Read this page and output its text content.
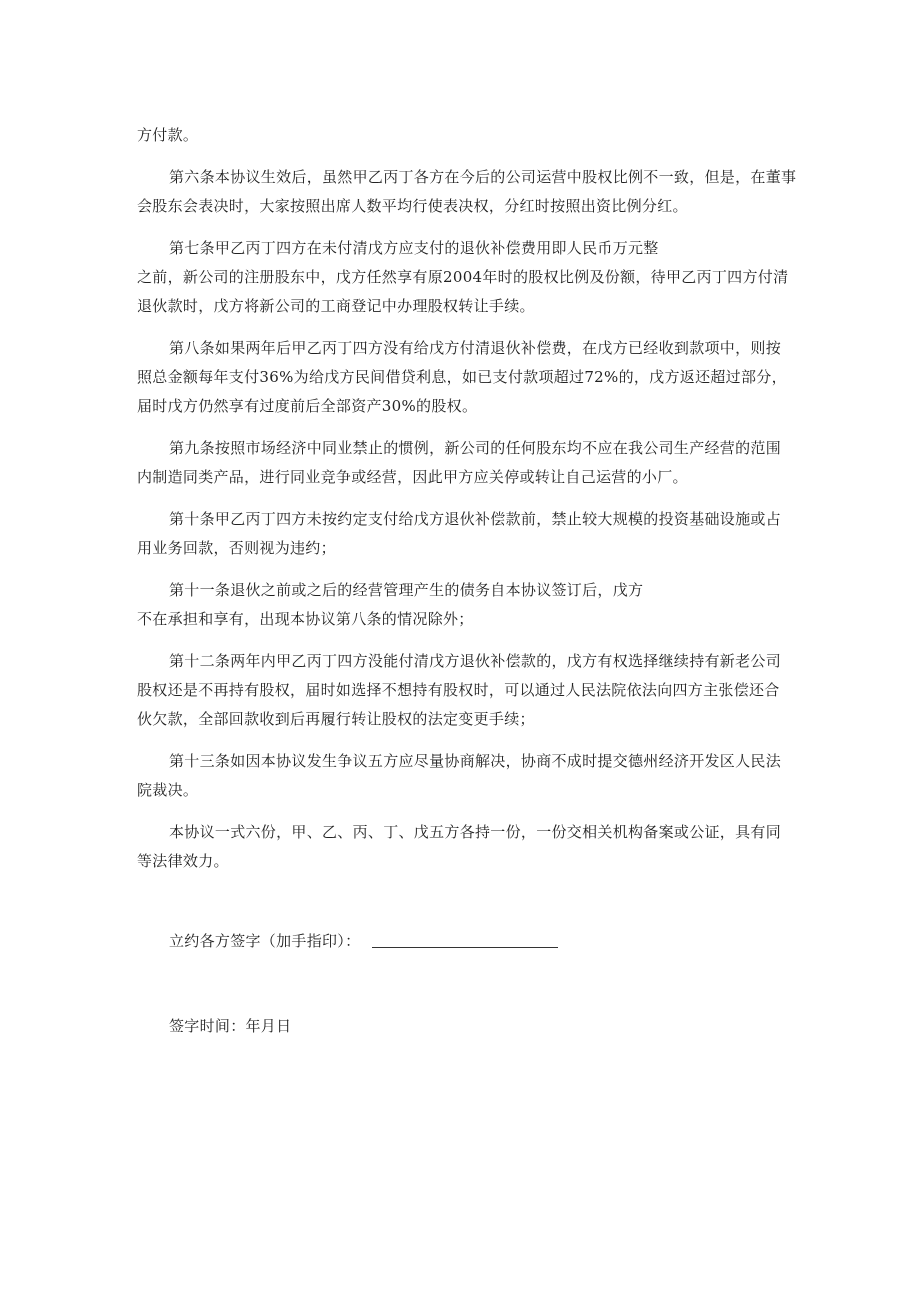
方付款。
第六条本协议生效后，虽然甲乙丙丁各方在今后的公司运营中股权比例不一致，但是，在董事
会股东会表决时，大家按照出席人数平均行使表决权，分红时按照出资比例分红。
第七条甲乙丙丁四方在未付清戊方应支付的退伙补偿费用即人民币万元整
之前，新公司的注册股东中，戊方任然享有原2004年时的股权比例及份额，待甲乙丙丁四方付清
退伙款时，戊方将新公司的工商登记中办理股权转让手续。
第八条如果两年后甲乙丙丁四方没有给戊方付清退伙补偿费，在戊方已经收到款项中，则按
照总金额每年支付36%为给戊方民间借贷利息，如已支付款项超过72%的，戊方返还超过部分，
届时戊方仍然享有过度前后全部资产30%的股权。
第九条按照市场经济中同业禁止的惯例，新公司的任何股东均不应在我公司生产经营的范围
内制造同类产品，进行同业竞争或经营，因此甲方应关停或转让自己运营的小厂。
第十条甲乙丙丁四方未按约定支付给戊方退伙补偿款前，禁止较大规模的投资基础设施或占
用业务回款，否则视为违约；
第十一条退伙之前或之后的经营管理产生的债务自本协议签订后，戊方
不在承担和享有，出现本协议第八条的情况除外；
第十二条两年内甲乙丙丁四方没能付清戊方退伙补偿款的，戊方有权选择继续持有新老公司
股权还是不再持有股权，届时如选择不想持有股权时，可以通过人民法院依法向四方主张偿还合
伙欠款，全部回款收到后再履行转让股权的法定变更手续；
第十三条如因本协议发生争议五方应尽量协商解决，协商不成时提交德州经济开发区人民法
院裁决。
本协议一式六份，甲、乙、丙、丁、戊五方各持一份，一份交相关机构备案或公证，具有同
等法律效力。
立约各方签字（加手指印）：
签字时间：年月日
